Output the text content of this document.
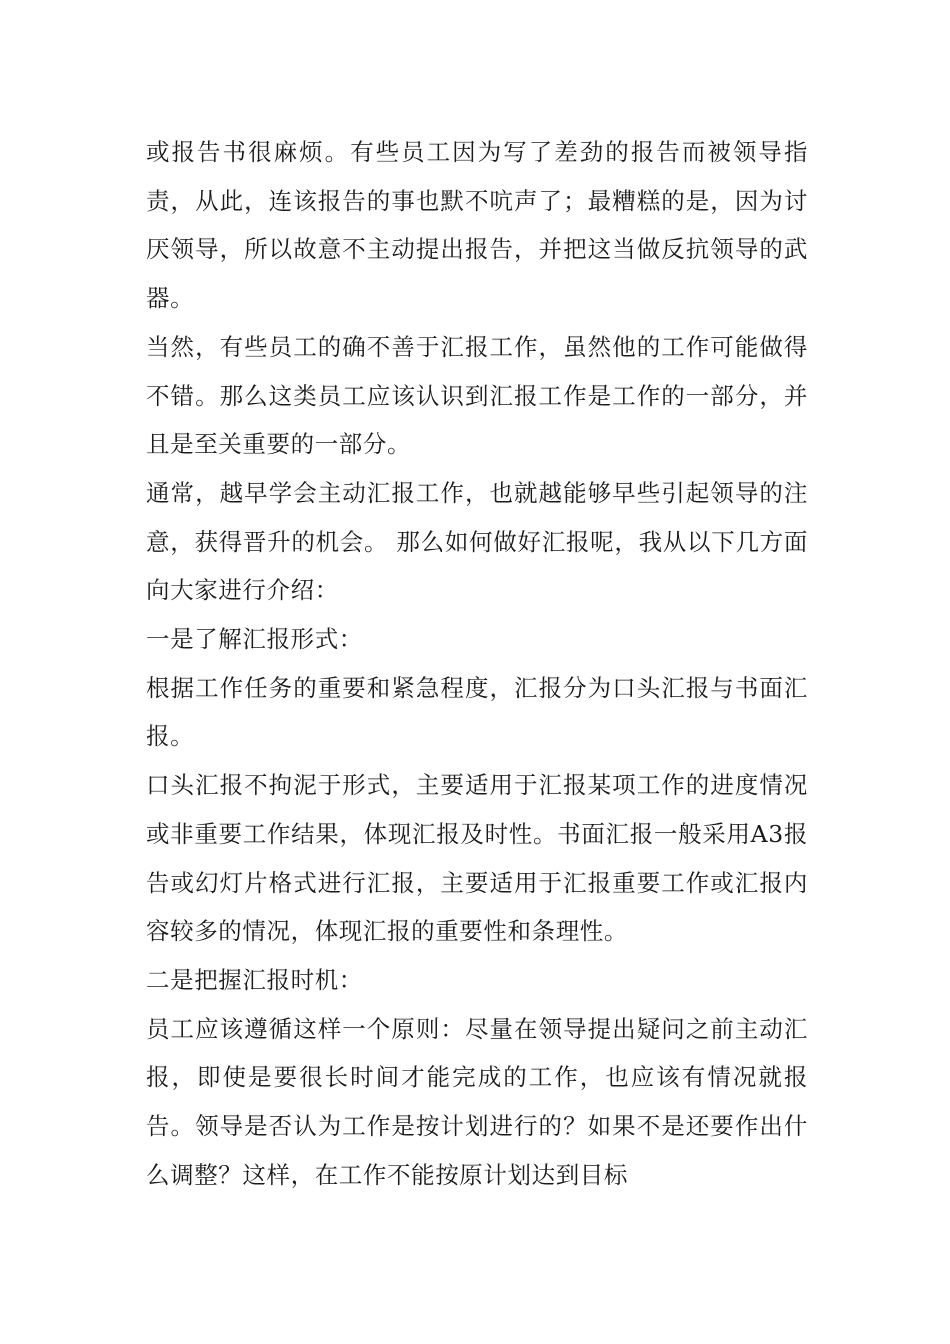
或报告书很麻烦。有些员工因为写了差劲的报告而被领导指责，从此，连该报告的事也默不吭声了；最糟糕的是，因为讨厌领导，所以故意不主动提出报告，并把这当做反抗领导的武器。

当然，有些员工的确不善于汇报工作，虽然他的工作可能做得不错。那么这类员工应该认识到汇报工作是工作的一部分，并且是至关重要的一部分。

通常，越早学会主动汇报工作，也就越能够早些引起领导的注意，获得晋升的机会。 那么如何做好汇报呢，我从以下几方面向大家进行介绍：

一是了解汇报形式：

根据工作任务的重要和紧急程度，汇报分为口头汇报与书面汇报。

口头汇报不拘泥于形式，主要适用于汇报某项工作的进度情况或非重要工作结果，体现汇报及时性。书面汇报一般采用A3报告或幻灯片格式进行汇报，主要适用于汇报重要工作或汇报内容较多的情况，体现汇报的重要性和条理性。

二是把握汇报时机：

员工应该遵循这样一个原则：尽量在领导提出疑问之前主动汇报，即使是要很长时间才能完成的工作，也应该有情况就报告。领导是否认为工作是按计划进行的？如果不是还要作出什么调整？这样，在工作不能按原计划达到目标
